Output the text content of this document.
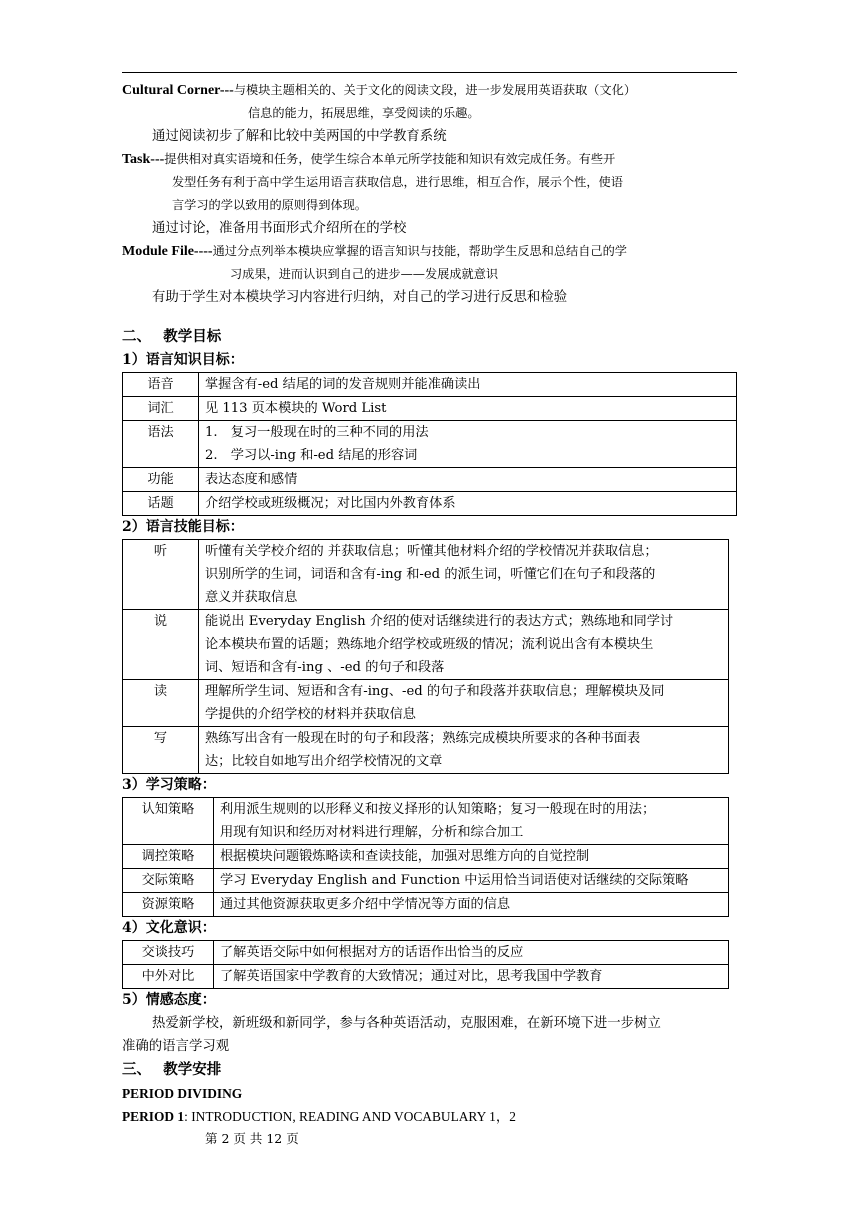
Cultural Corner---与模块主题相关的、关于文化的阅读文段，进一步发展用英语获取（文化）

信息的能力，拓展思维，享受阅读的乐趣。

通过阅读初步了解和比较中美两国的中学教育系统

Task---提供相对真实语境和任务，使学生综合本单元所学技能和知识有效完成任务。有些开

发型任务有利于高中学生运用语言获取信息，进行思维，相互合作，展示个性，使语

言学习的学以致用的原则得到体现。

通过讨论，准备用书面形式介绍所在的学校

Module File----通过分点列举本模块应掌握的语言知识与技能，帮助学生反思和总结自己的学

习成果，进而认识到自己的进步——发展成就意识

有助于学生对本模块学习内容进行归纳，对自己的学习进行反思和检验

二、　 教学目标

1）语言知识目标：

语音	掌握含有-ed 结尾的词的发音规则并能准确读出

词汇	见 113 页本模块的 Word List

语法	1.　复习一般现在时的三种不同的用法
2.　学习以-ing 和-ed 结尾的形容词

功能	表达态度和感情

话题	介绍学校或班级概况；对比国内外教育体系

2）语言技能目标：

听	听懂有关学校介绍的 并获取信息；听懂其他材料介绍的学校情况并获取信息；
识别所学的生词，词语和含有-ing 和-ed 的派生词，听懂它们在句子和段落的
意义并获取信息

说	能说出 Everyday English 介绍的使对话继续进行的表达方式；熟练地和同学讨
论本模块布置的话题；熟练地介绍学校或班级的情况；流利说出含有本模块生
词、短语和含有-ing 、-ed 的句子和段落

读	理解所学生词、短语和含有-ing、-ed 的句子和段落并获取信息；理解模块及同
学提供的介绍学校的材料并获取信息

写	熟练写出含有一般现在时的句子和段落；熟练完成模块所要求的各种书面表
达；比较自如地写出介绍学校情况的文章

3）学习策略：

认知策略	利用派生规则的以形释义和按义择形的认知策略；复习一般现在时的用法；
用现有知识和经历对材料进行理解，分析和综合加工

调控策略	根据模块问题锻炼略读和查读技能，加强对思维方向的自觉控制

交际策略	学习 Everyday English and Function 中运用恰当词语使对话继续的交际策略

资源策略	通过其他资源获取更多介绍中学情况等方面的信息

4）文化意识：

交谈技巧	了解英语交际中如何根据对方的话语作出恰当的反应

中外对比	了解英语国家中学教育的大致情况；通过对比，思考我国中学教育

5）情感态度：

热爱新学校，新班级和新同学，参与各种英语活动，克服困难，在新环境下进一步树立

准确的语言学习观

三、　 教学安排

PERIOD DIVIDING

PERIOD 1: INTRODUCTION, READING AND VOCABULARY 1，2

第 2 页 共 12 页
